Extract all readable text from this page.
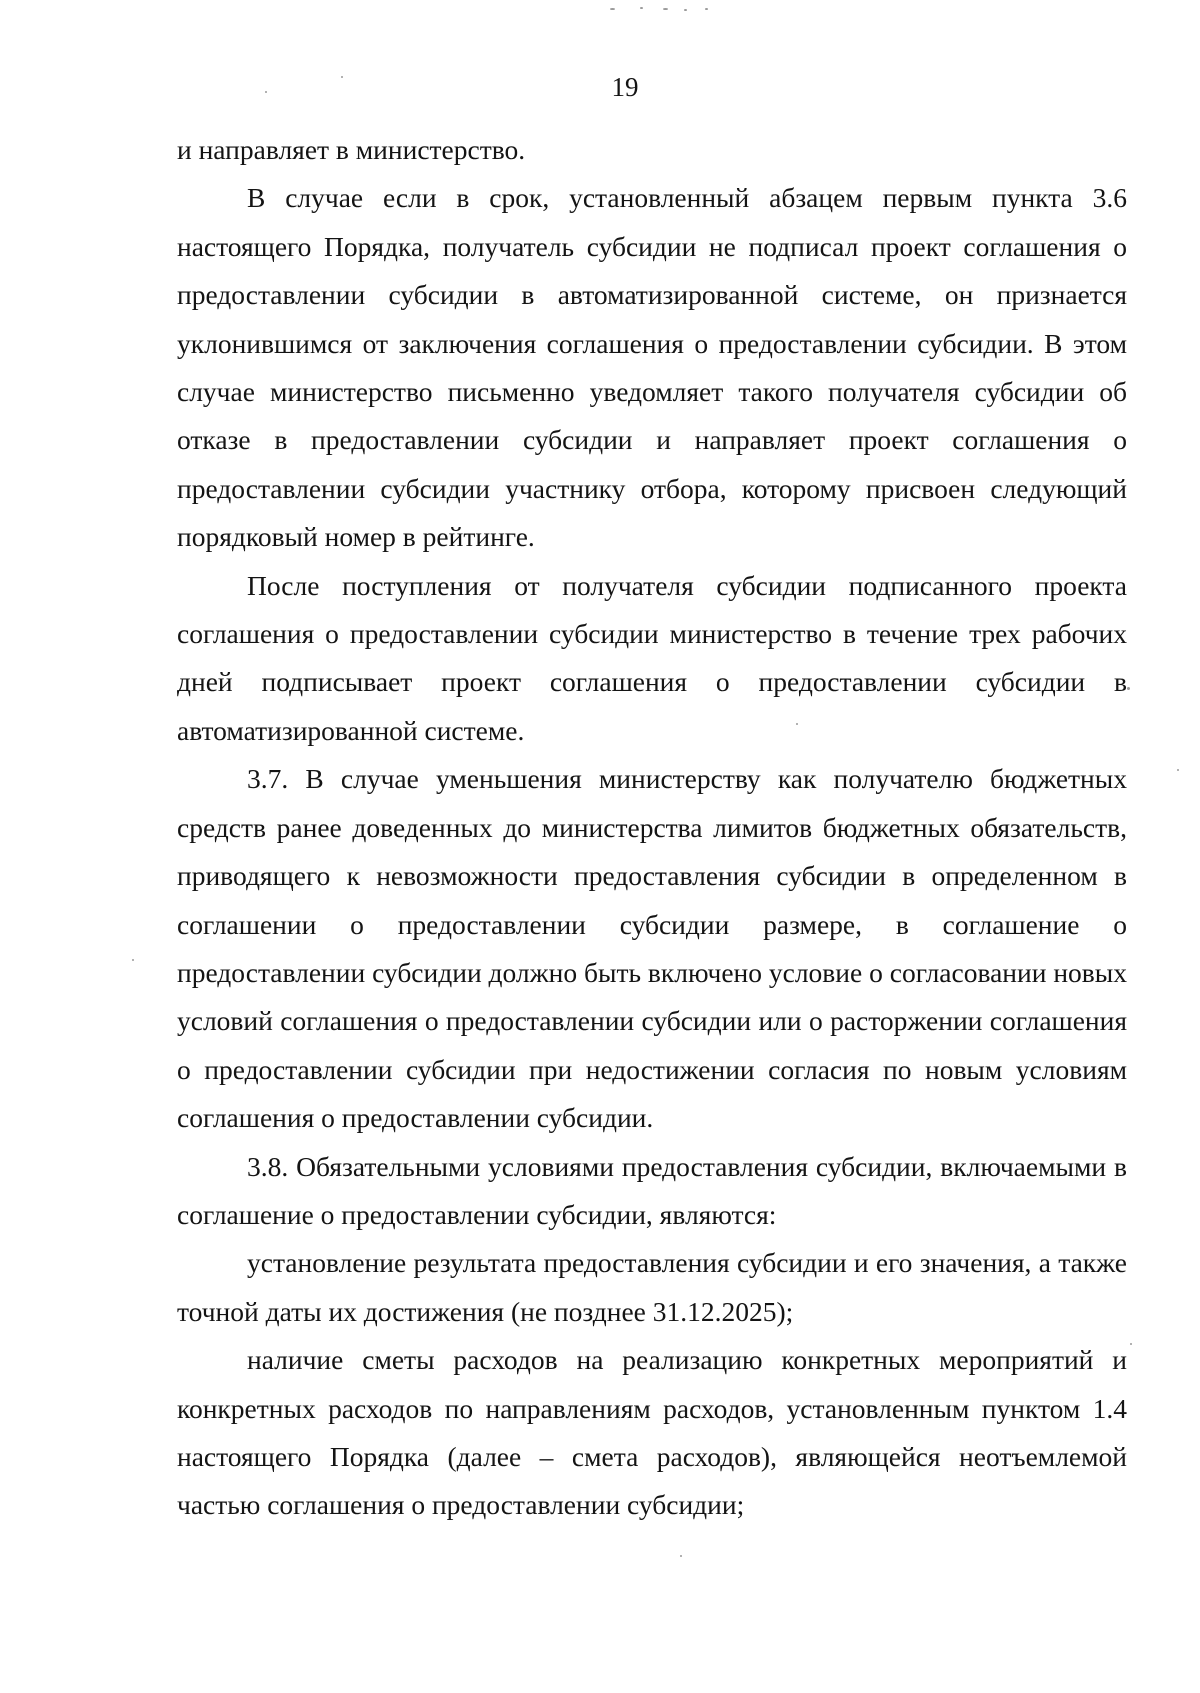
19

и направляет в министерство.

В случае если в срок, установленный абзацем первым пункта 3.6 настоящего Порядка, получатель субсидии не подписал проект соглашения о предоставлении субсидии в автоматизированной системе, он признается уклонившимся от заключения соглашения о предоставлении субсидии. В этом случае министерство письменно уведомляет такого получателя субсидии об отказе в предоставлении субсидии и направляет проект соглашения о предоставлении субсидии участнику отбора, которому присвоен следующий порядковый номер в рейтинге.

После поступления от получателя субсидии подписанного проекта соглашения о предоставлении субсидии министерство в течение трех рабочих дней подписывает проект соглашения о предоставлении субсидии в автоматизированной системе.

3.7. В случае уменьшения министерству как получателю бюджетных средств ранее доведенных до министерства лимитов бюджетных обязательств, приводящего к невозможности предоставления субсидии в определенном в соглашении о предоставлении субсидии размере, в соглашение о предоставлении субсидии должно быть включено условие о согласовании новых условий соглашения о предоставлении субсидии или о расторжении соглашения о предоставлении субсидии при недостижении согласия по новым условиям соглашения о предоставлении субсидии.

3.8. Обязательными условиями предоставления субсидии, включаемыми в соглашение о предоставлении субсидии, являются:

установление результата предоставления субсидии и его значения, а также точной даты их достижения (не позднее 31.12.2025);

наличие сметы расходов на реализацию конкретных мероприятий и конкретных расходов по направлениям расходов, установленным пунктом 1.4 настоящего Порядка (далее – смета расходов), являющейся неотъемлемой частью соглашения о предоставлении субсидии;
